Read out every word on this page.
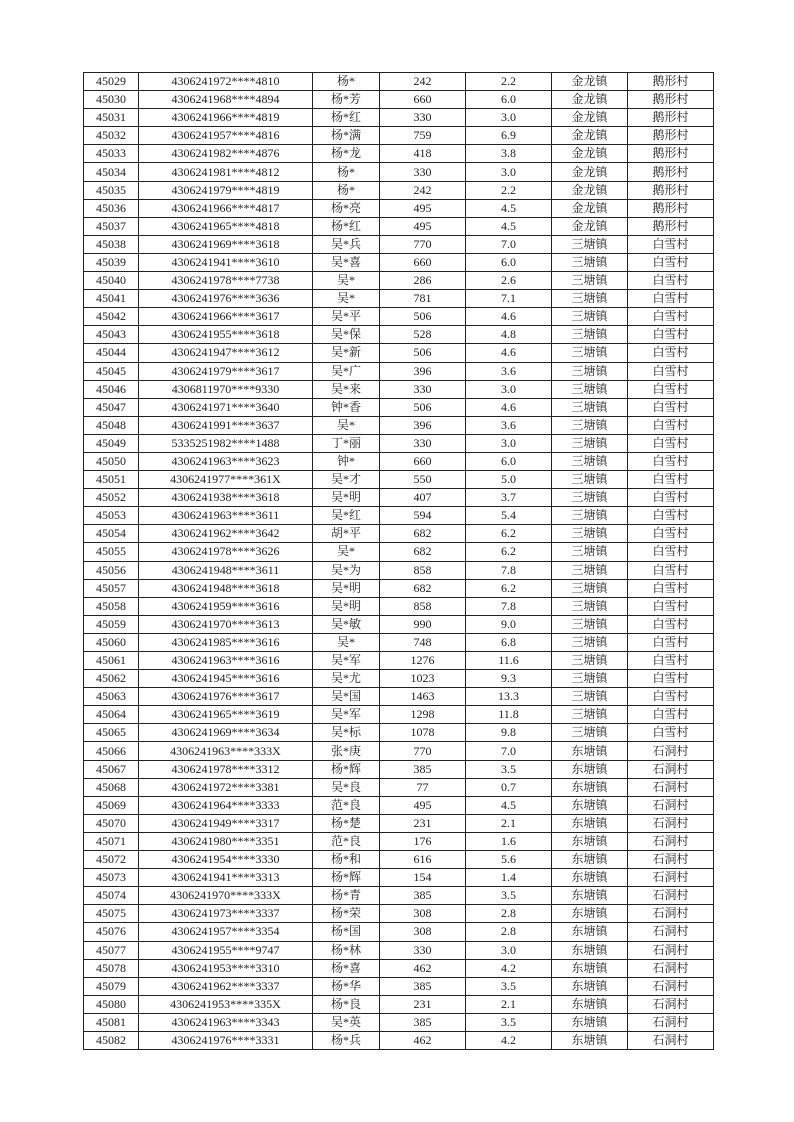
45029	4306241972****4810	杨*	242	2.2	金龙镇	鹅形村
45030	4306241968****4894	杨*芳	660	6.0	金龙镇	鹅形村
45031	4306241966****4819	杨*红	330	3.0	金龙镇	鹅形村
45032	4306241957****4816	杨*满	759	6.9	金龙镇	鹅形村
45033	4306241982****4876	杨*龙	418	3.8	金龙镇	鹅形村
45034	4306241981****4812	杨*	330	3.0	金龙镇	鹅形村
45035	4306241979****4819	杨*	242	2.2	金龙镇	鹅形村
45036	4306241966****4817	杨*亮	495	4.5	金龙镇	鹅形村
45037	4306241965****4818	杨*红	495	4.5	金龙镇	鹅形村
45038	4306241969****3618	吴*兵	770	7.0	三塘镇	白雪村
45039	4306241941****3610	吴*喜	660	6.0	三塘镇	白雪村
45040	4306241978****7738	吴*	286	2.6	三塘镇	白雪村
45041	4306241976****3636	吴*	781	7.1	三塘镇	白雪村
45042	4306241966****3617	吴*平	506	4.6	三塘镇	白雪村
45043	4306241955****3618	吴*保	528	4.8	三塘镇	白雪村
45044	4306241947****3612	吴*新	506	4.6	三塘镇	白雪村
45045	4306241979****3617	吴*广	396	3.6	三塘镇	白雪村
45046	4306811970****9330	吴*来	330	3.0	三塘镇	白雪村
45047	4306241971****3640	钟*香	506	4.6	三塘镇	白雪村
45048	4306241991****3637	吴*	396	3.6	三塘镇	白雪村
45049	5335251982****1488	丁*丽	330	3.0	三塘镇	白雪村
45050	4306241963****3623	钟*	660	6.0	三塘镇	白雪村
45051	4306241977****361X	吴*才	550	5.0	三塘镇	白雪村
45052	4306241938****3618	吴*明	407	3.7	三塘镇	白雪村
45053	4306241963****3611	吴*红	594	5.4	三塘镇	白雪村
45054	4306241962****3642	胡*平	682	6.2	三塘镇	白雪村
45055	4306241978****3626	吴*	682	6.2	三塘镇	白雪村
45056	4306241948****3611	吴*为	858	7.8	三塘镇	白雪村
45057	4306241948****3618	吴*明	682	6.2	三塘镇	白雪村
45058	4306241959****3616	吴*明	858	7.8	三塘镇	白雪村
45059	4306241970****3613	吴*敏	990	9.0	三塘镇	白雪村
45060	4306241985****3616	吴*	748	6.8	三塘镇	白雪村
45061	4306241963****3616	吴*军	1276	11.6	三塘镇	白雪村
45062	4306241945****3616	吴*尤	1023	9.3	三塘镇	白雪村
45063	4306241976****3617	吴*国	1463	13.3	三塘镇	白雪村
45064	4306241965****3619	吴*军	1298	11.8	三塘镇	白雪村
45065	4306241969****3634	吴*标	1078	9.8	三塘镇	白雪村
45066	4306241963****333X	张*庚	770	7.0	东塘镇	石洞村
45067	4306241978****3312	杨*辉	385	3.5	东塘镇	石洞村
45068	4306241972****3381	吴*良	77	0.7	东塘镇	石洞村
45069	4306241964****3333	范*良	495	4.5	东塘镇	石洞村
45070	4306241949****3317	杨*楚	231	2.1	东塘镇	石洞村
45071	4306241980****3351	范*良	176	1.6	东塘镇	石洞村
45072	4306241954****3330	杨*和	616	5.6	东塘镇	石洞村
45073	4306241941****3313	杨*辉	154	1.4	东塘镇	石洞村
45074	4306241970****333X	杨*青	385	3.5	东塘镇	石洞村
45075	4306241973****3337	杨*荣	308	2.8	东塘镇	石洞村
45076	4306241957****3354	杨*国	308	2.8	东塘镇	石洞村
45077	4306241955****9747	杨*林	330	3.0	东塘镇	石洞村
45078	4306241953****3310	杨*喜	462	4.2	东塘镇	石洞村
45079	4306241962****3337	杨*华	385	3.5	东塘镇	石洞村
45080	4306241953****335X	杨*良	231	2.1	东塘镇	石洞村
45081	4306241963****3343	吴*英	385	3.5	东塘镇	石洞村
45082	4306241976****3331	杨*兵	462	4.2	东塘镇	石洞村
